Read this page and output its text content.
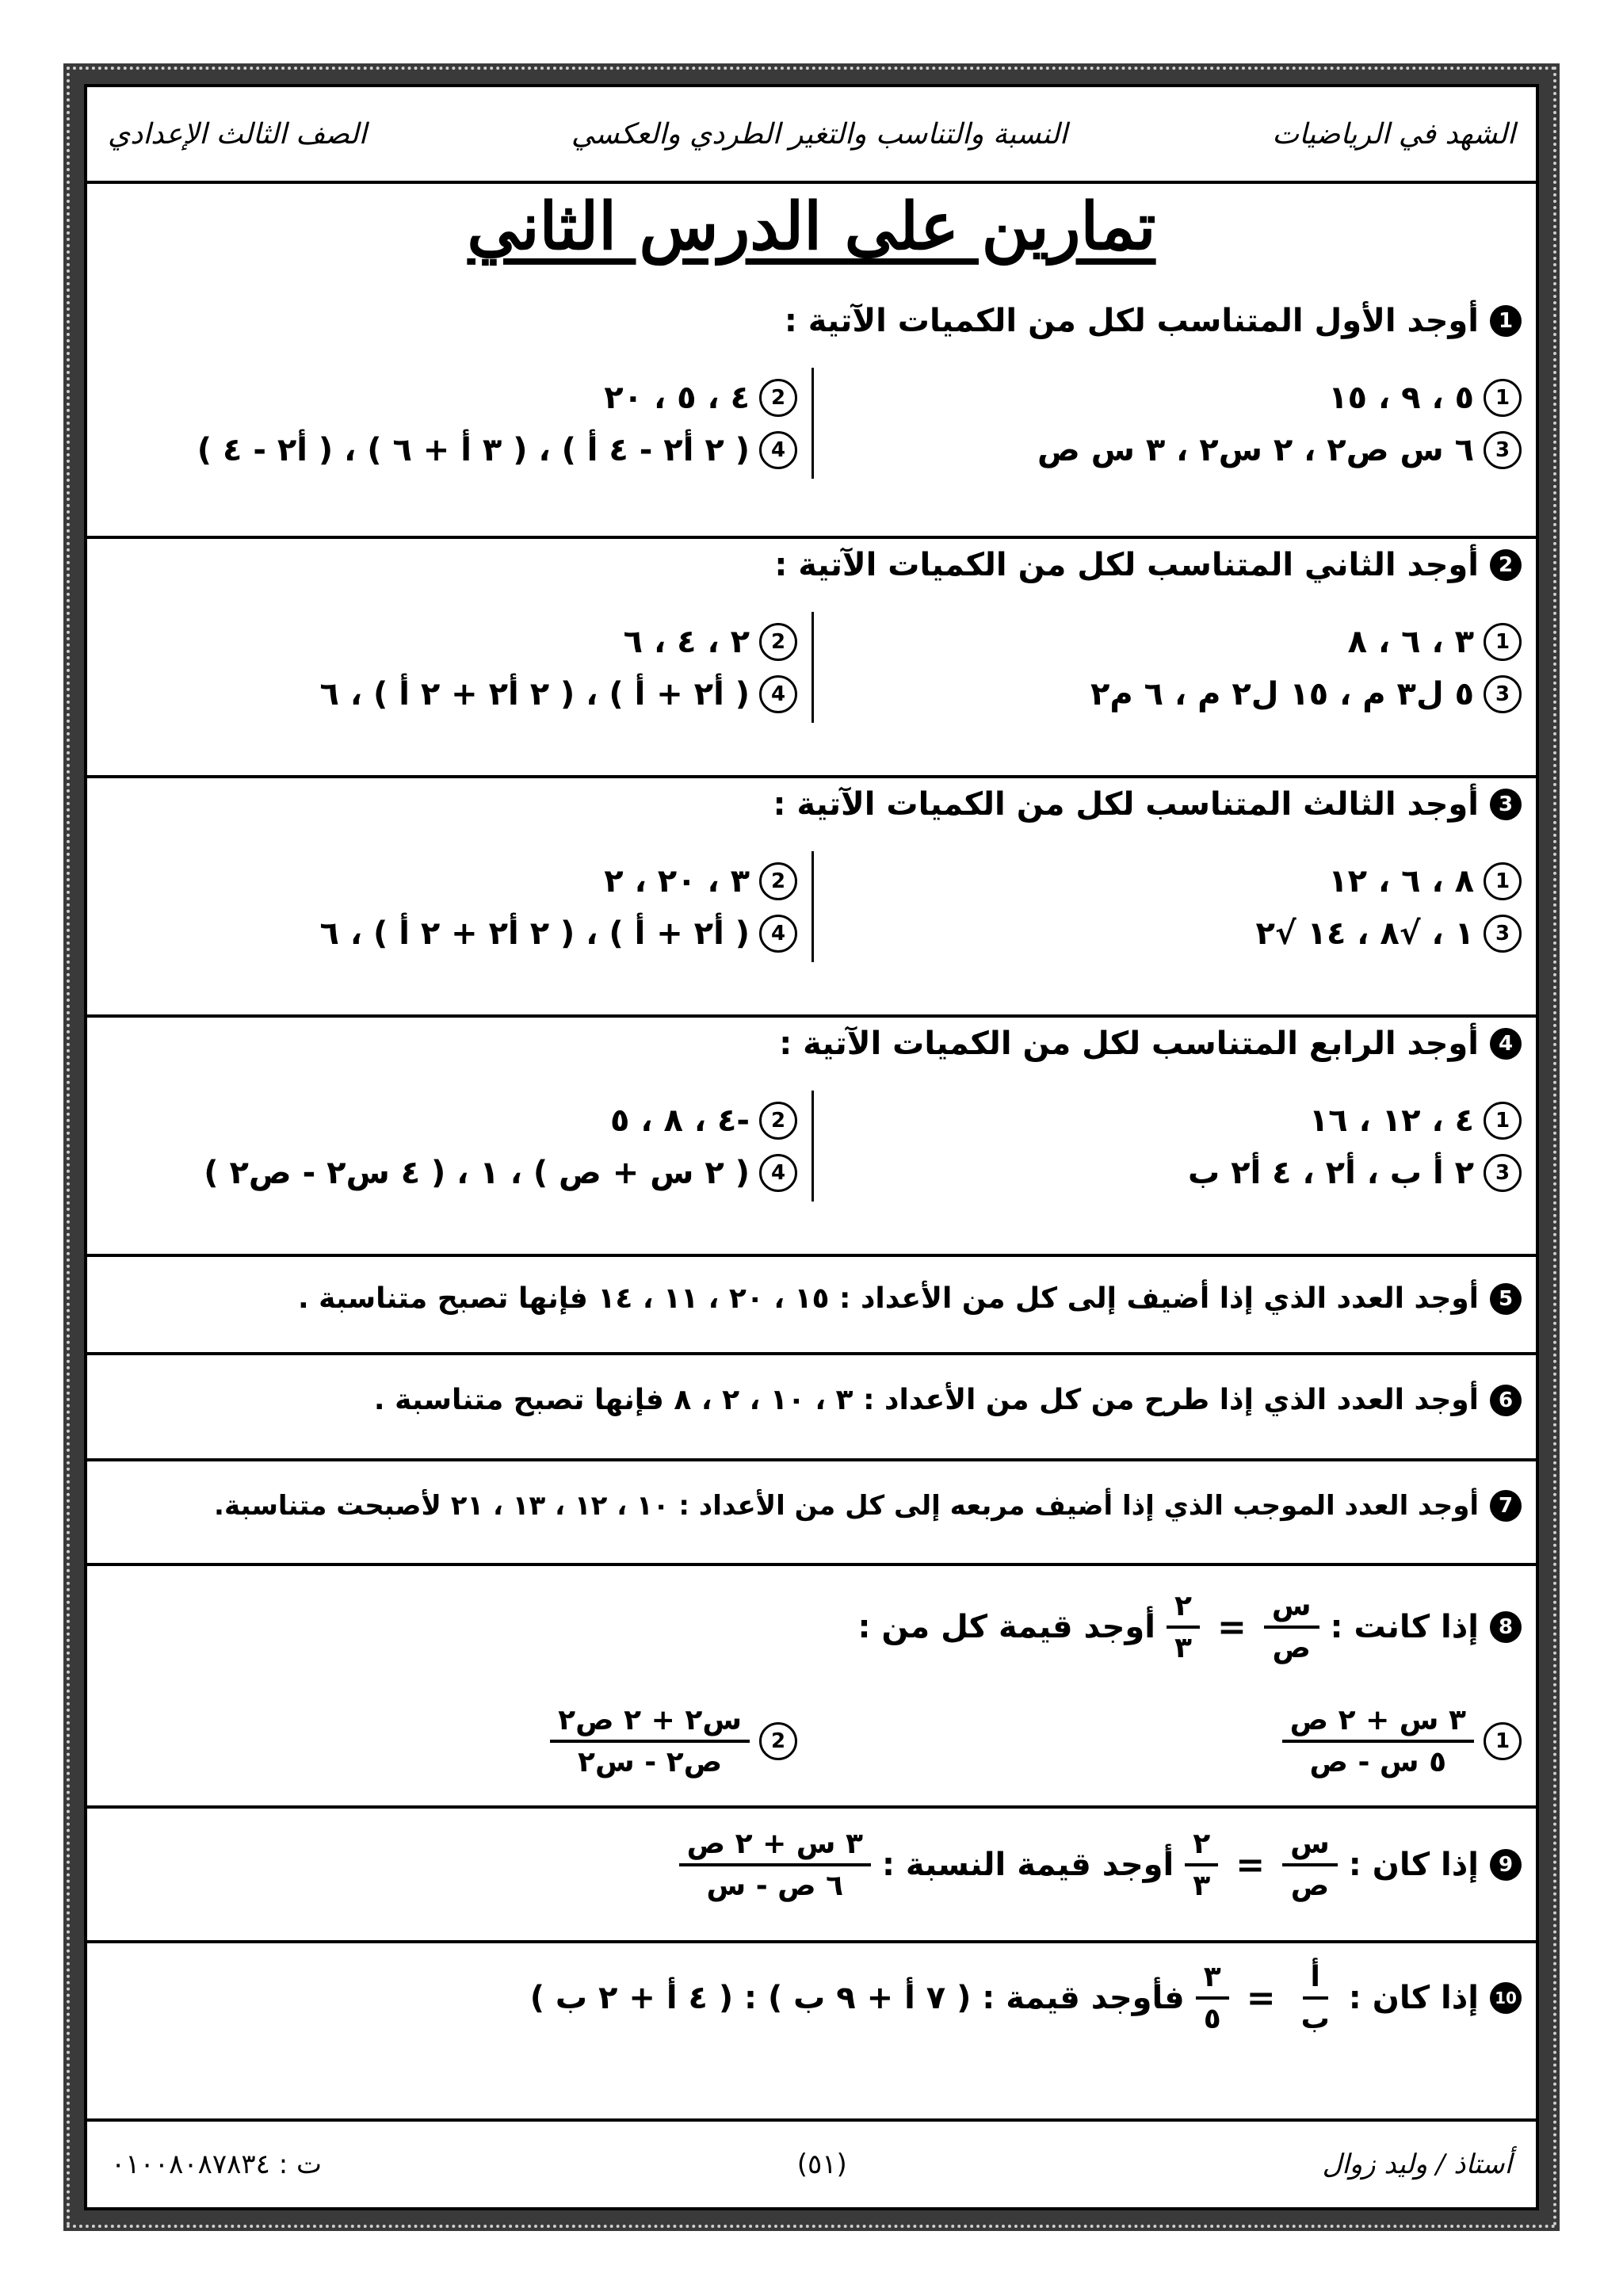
الشهد في الرياضيات
النسبة والتناسب والتغير الطردي والعكسي
الصف الثالث الإعدادي
تمارين على الدرس الثاني
1
أوجد الأول المتناسب لكل من الكميات الآتية :
1
٥ ، ٩ ، ١٥
2
٤ ، ٥ ، ٢٠
3
٦ س ص٢ ، ٢ س٢ ، ٣ س ص
4
( ٢ أ٢ - ٤ أ ) ، ( ٣ أ + ٦ ) ، ( أ٢ - ٤ )
2
أوجد الثاني المتناسب لكل من الكميات الآتية :
1
٣ ، ٦ ، ٨
2
٢ ، ٤ ، ٦
3
٥ ل٣ م ، ١٥ ل٢ م ، ٦ م٢
4
( أ٢ + أ ) ، ( ٢ أ٢ + ٢ أ ) ، ٦
3
أوجد الثالث المتناسب لكل من الكميات الآتية :
1
٨ ، ٦ ، ١٢
2
٣ ، ٢٠ ، ٢
3
١ ، √٨ ، ١٤ √٢
4
( أ٢ + أ ) ، ( ٢ أ٢ + ٢ أ ) ، ٦
4
أوجد الرابع المتناسب لكل من الكميات الآتية :
1
٤ ، ١٢ ، ١٦
2
-٤ ، ٨ ، ٥
3
٢ أ ب ، أ٢ ، ٤ أ٢ ب
4
( ٢ س + ص ) ، ١ ، ( ٤ س٢ - ص٢ )
5
أوجد العدد الذي إذا أضيف إلى كل من الأعداد : ١٥ ، ٢٠ ، ١١ ، ١٤ فإنها تصبح متناسبة .
6
أوجد العدد الذي إذا طرح من كل من الأعداد : ٣ ، ١٠ ، ٢ ، ٨ فإنها تصبح متناسبة .
7
أوجد العدد الموجب الذي إذا أضيف مربعه إلى كل من الأعداد : ١٠ ، ١٢ ، ١٣ ، ٢١ لأصبحت متناسبة.
8
إذا كانت :
$\frac{\text{س}}{\text{ص}}$
=
$\frac{٢}{٣}$
أوجد قيمة كل من :
1
$\frac{\text{٣ س + ٢ ص}}{\text{٥ س - ص}}$
2
$\frac{\text{س٢ + ٢ ص٢}}{\text{ص٢ - س٢}}$
9
إذا كان :
$\frac{\text{س}}{\text{ص}}$
=
$\frac{٢}{٣}$
أوجد قيمة النسبة :
$\frac{\text{٣ س + ٢ ص}}{\text{٦ ص - س}}$
10
إذا كان :
$\frac{\text{أ}}{\text{ب}}$
=
$\frac{٣}{٥}$
فأوجد قيمة : ( ٧ أ + ٩ ب ) : ( ٤ أ + ٢ ب )
أستاذ / وليد زوال
(٥١)
ت : ٠١٠٠٨٠٨٧٨٣٤
